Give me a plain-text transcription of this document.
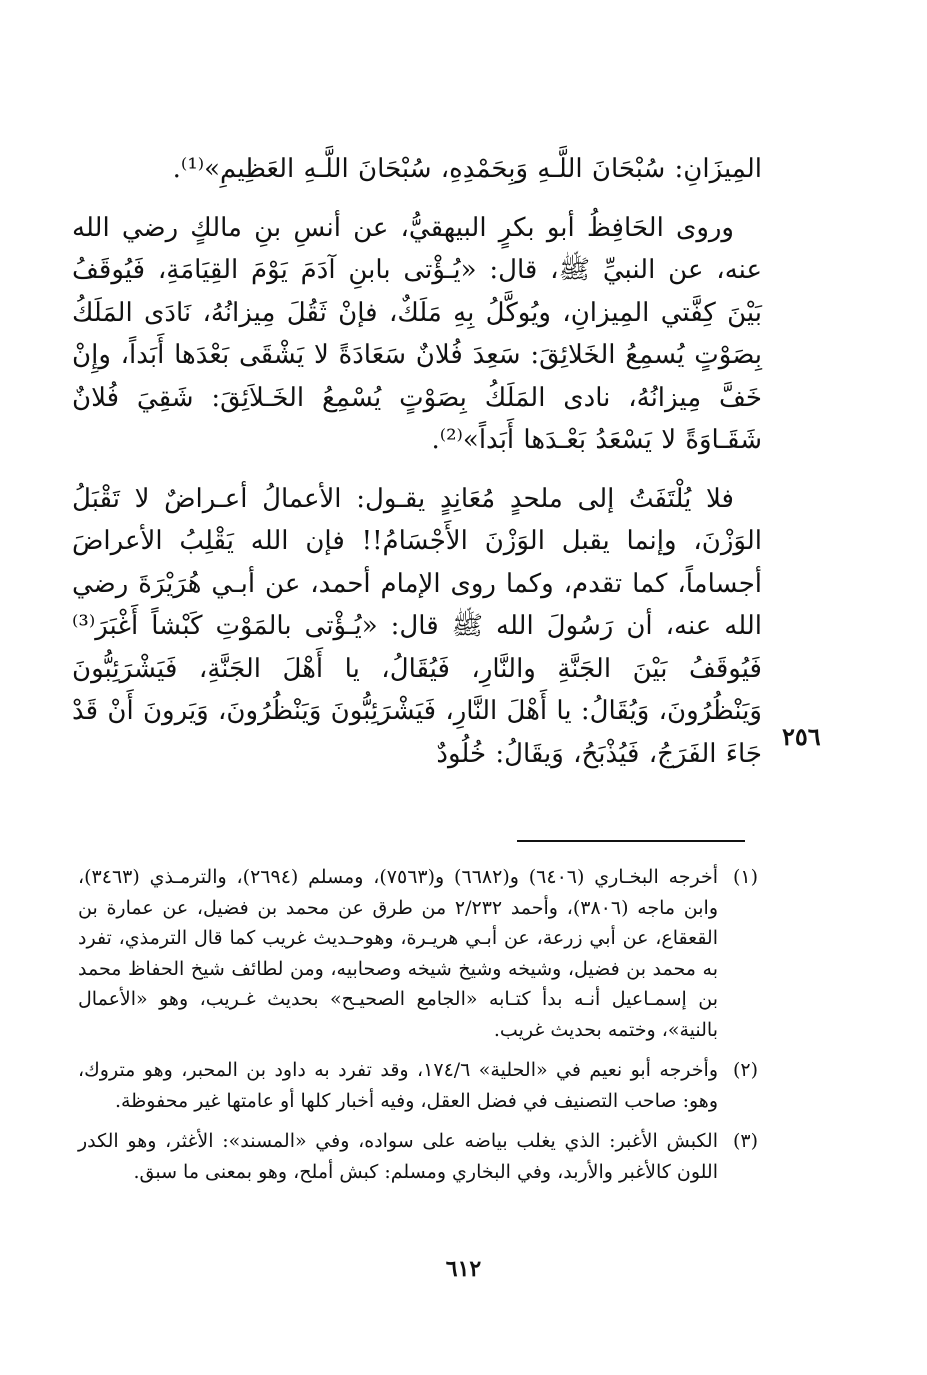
المِيزَانِ: سُبْحَانَ اللَّـهِ وَبِحَمْدِهِ، سُبْحَانَ اللَّـهِ العَظِيمِ»⁽¹⁾.

وروى الحَافِظُ أبو بكرٍ البيهقيُّ، عن أنسِ بنِ مالكٍ رضي الله عنه، عن النبيِّ ﷺ، قال: «يُـؤْتى بابنِ آدَمَ يَوْمَ القِيَامَةِ، فَيُوقَفُ بَيْنَ كِفَّتي المِيزانِ، ويُوكَّلُ بِهِ مَلَكٌ، فإنْ ثَقُلَ مِيزانُهُ، نَادَى المَلَكُ بِصَوْتٍ يُسمِعُ الخَلائِقَ: سَعِدَ فُلانٌ سَعَادَةً لا يَشْقَى بَعْدَها أَبَداً، وإِنْ خَفَّ مِيزانُهُ، نادى المَلَكُ بِصَوْتٍ يُسْمِعُ الخَـلاَئِقَ: شَقِيَ فُلانٌ شَقَـاوَةً لا يَسْعَدُ بَعْـدَها أَبَداً»⁽²⁾.

فلا يُلْتَفَتُ إلى ملحدٍ مُعَانِدٍ يقـول: الأعمالُ أعـراضٌ لا تَقْبَلُ الوَزْنَ، وإنما يقبل الوَزْنَ الأَجْسَامُ!! فإن الله يَقْلِبُ الأعراضَ أجساماً، كما تقدم، وكما روى الإمام أحمد، عن أبـي هُرَيْرَةَ رضي الله عنه، أن رَسُولَ الله ﷺ قال: «يُـؤْتى بالمَوْتِ كَبْشاً أَغْبَرَ⁽³⁾ فَيُوقَفُ بَيْنَ الجَنَّةِ والنَّارِ، فَيُقَالُ، يا أَهْلَ الجَنَّةِ، فَيَشْرَئِبُّونَ وَيَنْظُرُونَ، وَيُقَالُ: يا أَهْلَ النَّارِ، فَيَشْرَئِبُّونَ وَيَنْظُرُونَ، وَيَرونَ أَنْ قَدْ جَاءَ الفَرَجُ، فَيُذْبَحُ، وَيقَالُ: خُلُودٌ

٢٥٦
(١)
أخرجه البخـاري (٦٤٠٦) و(٦٦٨٢) و(٧٥٦٣)، ومسلم (٢٦٩٤)، والترمـذي (٣٤٦٣)، وابن ماجه (٣٨٠٦)، وأحمد ٢/٢٣٢ من طرق عن محمد بن فضيل، عن عمارة بن القعقاع، عن أبي زرعة، عن أبـي هريـرة، وهوحـديث غريب كما قال الترمذي، تفرد به محمد بن فضيل، وشيخه وشيخ شيخه وصحابيه، ومن لطائف شيخ الحفاظ محمد بن إسمـاعيل أنـه بدأ كتـابه «الجامع الصحيـح» بحديث غـريب، وهو «الأعمال بالنية»، وختمه بحديث غريب.
(٢)
وأخرجه أبو نعيم في «الحلية» ١٧٤/٦، وقد تفرد به داود بن المحبر، وهو متروك، وهو: صاحب التصنيف في فضل العقل، وفيه أخبار كلها أو عامتها غير محفوظة.
(٣)
الكبش الأغبر: الذي يغلب بياضه على سواده، وفي «المسند»: الأغثر، وهو الكدر اللون كالأغبر والأربد، وفي البخاري ومسلم: كبش أملح، وهو بمعنى ما سبق.
٦١٢
